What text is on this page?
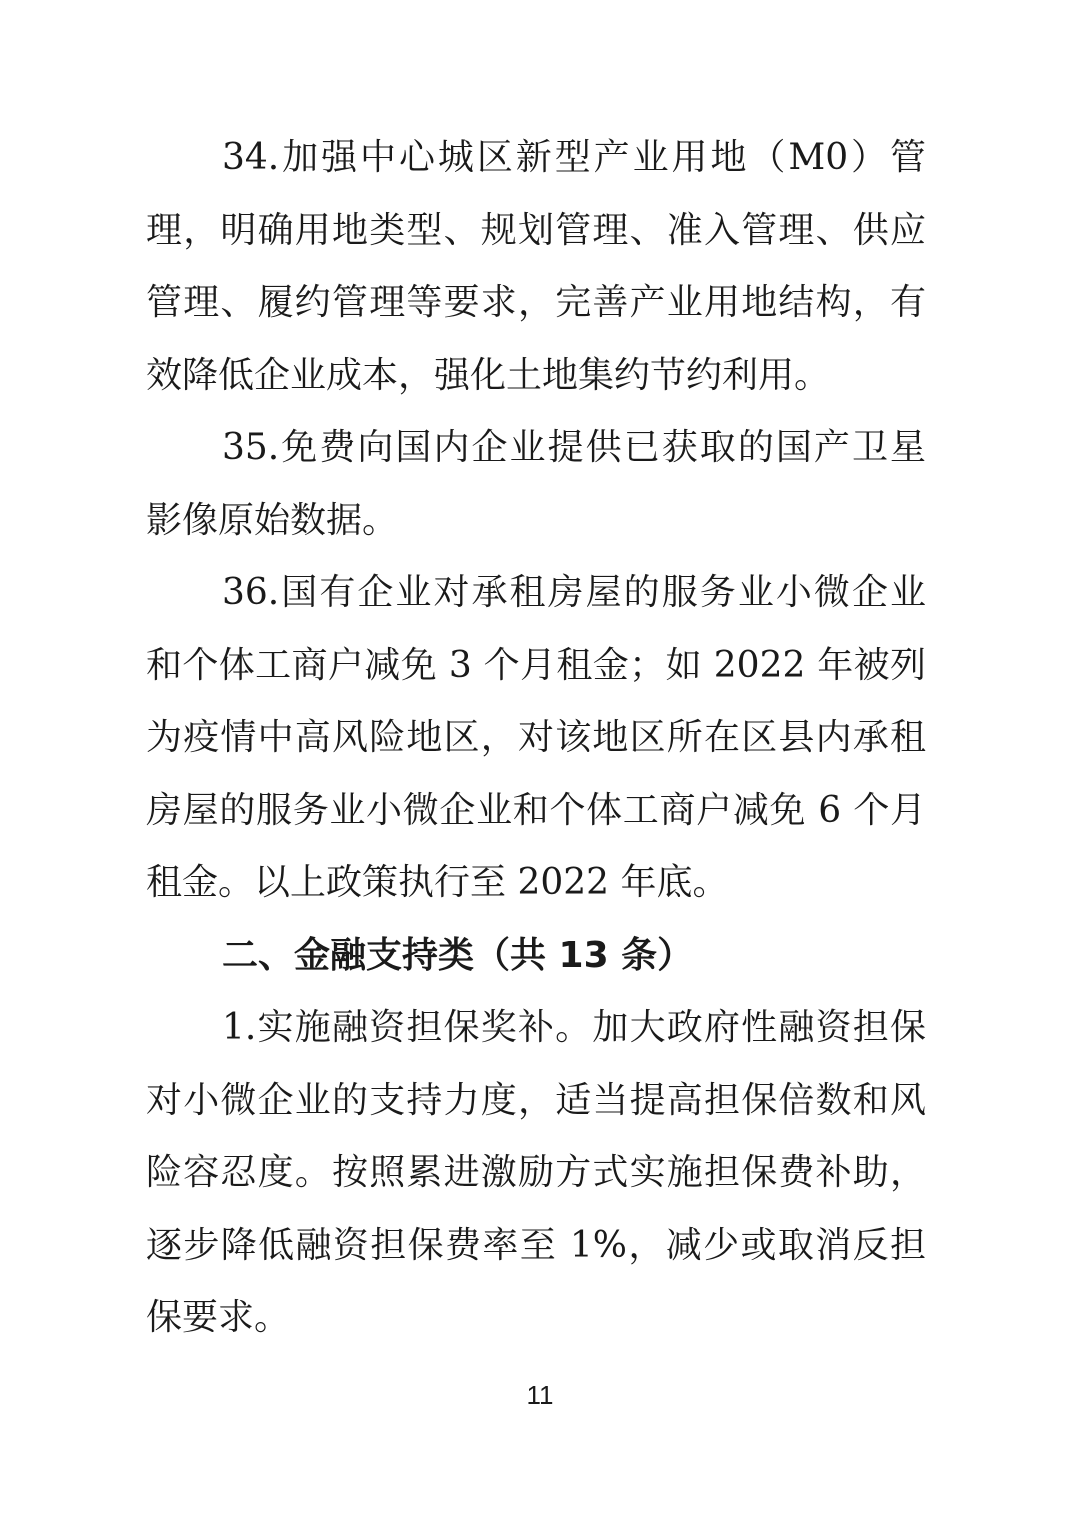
34.加强中心城区新型产业用地（M0）管理，明确用地类型、规划管理、准入管理、供应管理、履约管理等要求，完善产业用地结构，有效降低企业成本，强化土地集约节约利用。

35.免费向国内企业提供已获取的国产卫星影像原始数据。

36.国有企业对承租房屋的服务业小微企业和个体工商户减免 3 个月租金；如 2022 年被列为疫情中高风险地区，对该地区所在区县内承租房屋的服务业小微企业和个体工商户减免 6 个月租金。以上政策执行至 2022 年底。

二、金融支持类（共 13 条）

1.实施融资担保奖补。加大政府性融资担保对小微企业的支持力度，适当提高担保倍数和风险容忍度。按照累进激励方式实施担保费补助，逐步降低融资担保费率至 1%，减少或取消反担保要求。

11
